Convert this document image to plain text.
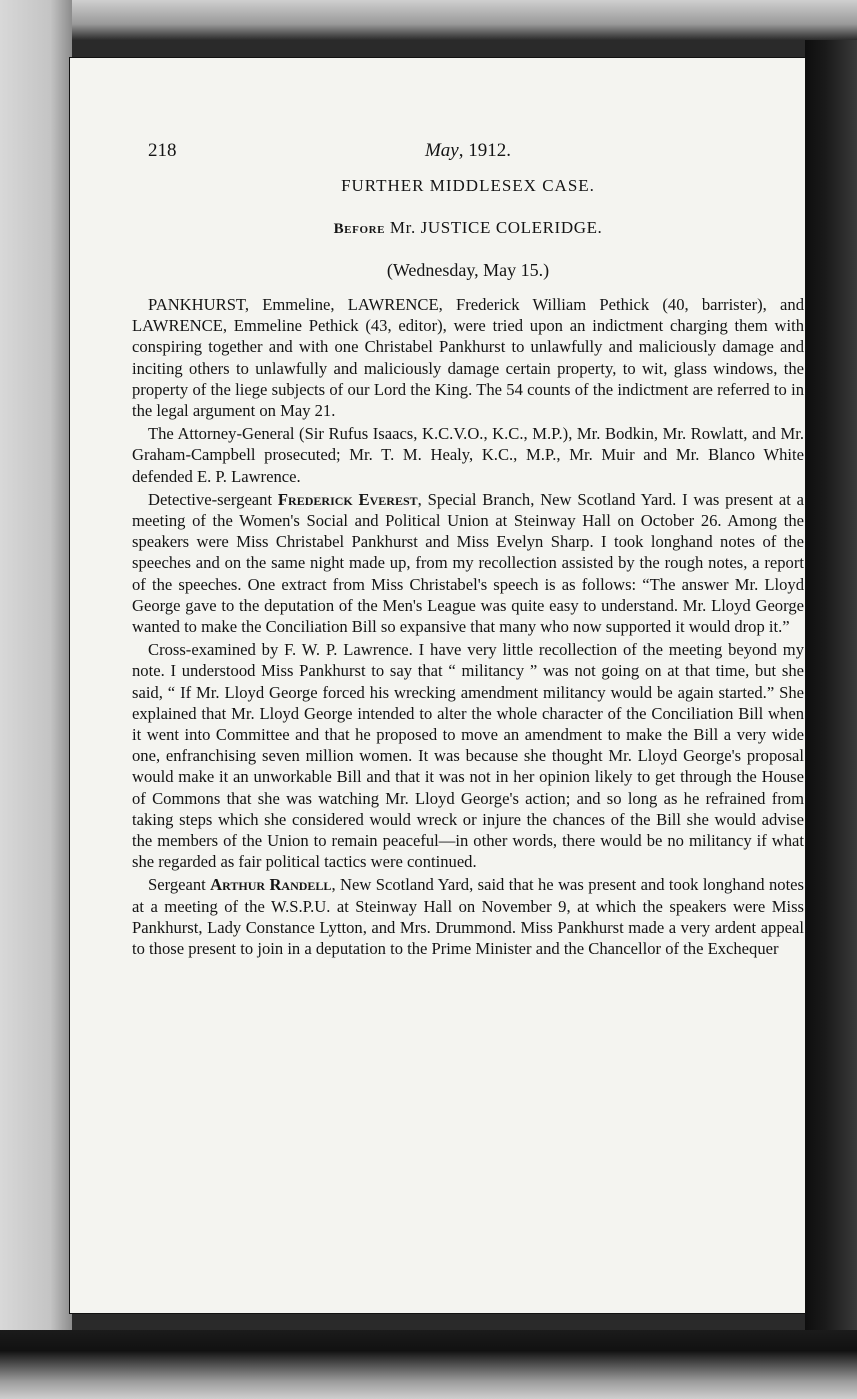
218	May, 1912.
FURTHER MIDDLESEX CASE.
Before Mr. JUSTICE COLERIDGE.
(Wednesday, May 15.)

PANKHURST, Emmeline, LAWRENCE, Frederick William Pethick (40, barrister), and LAWRENCE, Emmeline Pethick (43, editor), were tried upon an indictment charging them with conspiring together and with one Christabel Pankhurst to unlawfully and maliciously damage and inciting others to unlawfully and maliciously damage certain property, to wit, glass windows, the property of the liege subjects of our Lord the King. The 54 counts of the indictment are referred to in the legal argument on May 21.

The Attorney-General (Sir Rufus Isaacs, K.C.V.O., K.C., M.P.), Mr. Bodkin, Mr. Rowlatt, and Mr. Graham-Campbell prosecuted; Mr. T. M. Healy, K.C., M.P., Mr. Muir and Mr. Blanco White defended E. P. Lawrence.

Detective-sergeant Frederick Everest, Special Branch, New Scotland Yard. I was present at a meeting of the Women's Social and Political Union at Steinway Hall on October 26. Among the speakers were Miss Christabel Pankhurst and Miss Evelyn Sharp. I took longhand notes of the speeches and on the same night made up, from my recollection assisted by the rough notes, a report of the speeches. One extract from Miss Christabel's speech is as follows: “The answer Mr. Lloyd George gave to the deputation of the Men's League was quite easy to understand. Mr. Lloyd George wanted to make the Conciliation Bill so expansive that many who now supported it would drop it.”

Cross-examined by F. W. P. Lawrence. I have very little recollection of the meeting beyond my note. I understood Miss Pankhurst to say that “ militancy ” was not going on at that time, but she said, “ If Mr. Lloyd George forced his wrecking amendment militancy would be again started.” She explained that Mr. Lloyd George intended to alter the whole character of the Conciliation Bill when it went into Committee and that he proposed to move an amendment to make the Bill a very wide one, enfranchising seven million women. It was because she thought Mr. Lloyd George's proposal would make it an unworkable Bill and that it was not in her opinion likely to get through the House of Commons that she was watching Mr. Lloyd George's action; and so long as he refrained from taking steps which she considered would wreck or injure the chances of the Bill she would advise the members of the Union to remain peaceful—in other words, there would be no militancy if what she regarded as fair political tactics were continued.

Sergeant Arthur Randell, New Scotland Yard, said that he was present and took longhand notes at a meeting of the W.S.P.U. at Steinway Hall on November 9, at which the speakers were Miss Pankhurst, Lady Constance Lytton, and Mrs. Drummond. Miss Pankhurst made a very ardent appeal to those present to join in a deputation to the Prime Minister and the Chancellor of the Exchequer
